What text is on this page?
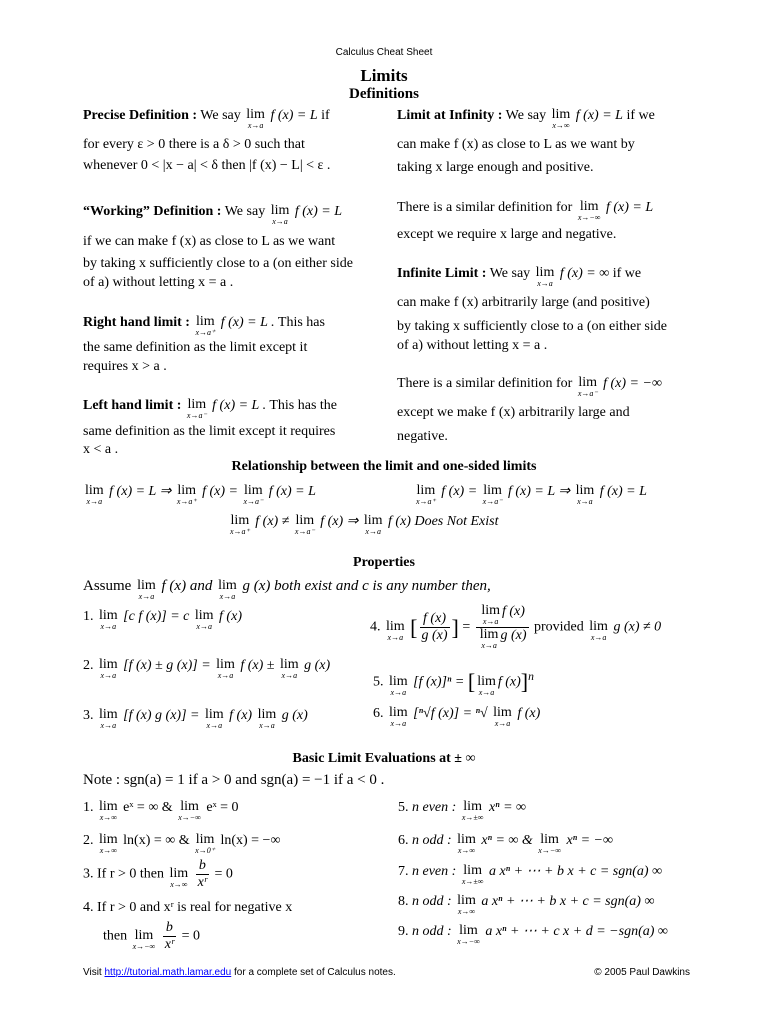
Calculus Cheat Sheet
Limits
Definitions
Precise Definition : We say lim
x→a
f (x) = L if
for every ε > 0 there is a δ > 0 such that
whenever 0 < |x − a| < δ then |f (x) − L| < ε .
“Working” Definition : We say lim
x→a
f (x) = L
if we can make f (x) as close to L as we want
by taking x sufficiently close to a (on either side
of a) without letting x = a .
Right hand limit : lim
x→a⁺
f (x) = L . This has
the same definition as the limit except it
requires x > a .
Left hand limit : lim
x→a⁻
f (x) = L . This has the
same definition as the limit except it requires
x < a .
Limit at Infinity : We say lim
x→∞
f (x) = L if we
can make f (x) as close to L as we want by
taking x large enough and positive.
There is a similar definition for lim
x→−∞
f (x) = L
except we require x large and negative.
Infinite Limit : We say lim
x→a
f (x) = ∞ if we
can make f (x) arbitrarily large (and positive)
by taking x sufficiently close to a (on either side
of a) without letting x = a .
There is a similar definition for lim
x→a⁻
f (x) = −∞
except we make f (x) arbitrarily large and
negative.
Relationship between the limit and one-sided limits
lim
x→a
f (x) = L ⇒ lim
x→a⁺
f (x) = lim
x→a⁻
f (x) = L	lim
x→a⁺
f (x) = lim
x→a⁻
f (x) = L ⇒ lim
x→a
f (x) = L
lim
x→a⁺
f (x) ≠ lim
x→a⁻
f (x) ⇒ lim
x→a
f (x) Does Not Exist
Properties
Assume lim
x→a
f (x) and lim
x→a
g (x) both exist and c is any number then,
1. lim
x→a
[c f (x)] = c lim
x→a
f (x)
2. lim
x→a
[f (x) ± g (x)] = lim
x→a
f (x) ± lim
x→a
g (x)
3. lim
x→a
[f (x) g (x)] = lim
x→a
f (x) lim
x→a
g (x)
4. lim
x→a [ $\frac{f (x)}{g (x)}$ ] = lim
x→a
f (x)
lim
x→a
g (x) provided lim
x→a
g (x) ≠ 0
5. lim
x→a
[f (x)]ⁿ = [ lim
x→a
f (x)]$^n$
6. lim
x→a
[ⁿ√f (x)] = ⁿ√ lim
x→a
f (x)
Basic Limit Evaluations at ± ∞
Note : sgn(a) = 1 if a > 0 and sgn(a) = −1 if a < 0 .
1. lim
x→∞
eˣ = ∞ & lim
x→−∞
eˣ = 0
2. lim
x→∞
ln(x) = ∞ & lim
x→0⁺
ln(x) = −∞
3. If r > 0 then lim
x→∞
$\frac{b}{\text{xʳ}} = 0$
4. If r > 0 and xʳ is real for negative x
then lim
x→−∞
$\frac{b}{\text{xʳ}} = 0$
5. n even : lim
x→±∞
xⁿ = ∞
6. n odd : lim
x→∞
xⁿ = ∞ & lim
x→−∞
xⁿ = −∞
7. n even : lim
x→±∞
a xⁿ + ⋯ + b x + c = sgn(a) ∞
8. n odd : lim
x→∞
a xⁿ + ⋯ + b x + c = sgn(a) ∞
9. n odd : lim
x→−∞
a xⁿ + ⋯ + c x + d = −sgn(a) ∞
Visit http://tutorial.math.lamar.edu for a complete set of Calculus notes.	© 2005 Paul Dawkins
